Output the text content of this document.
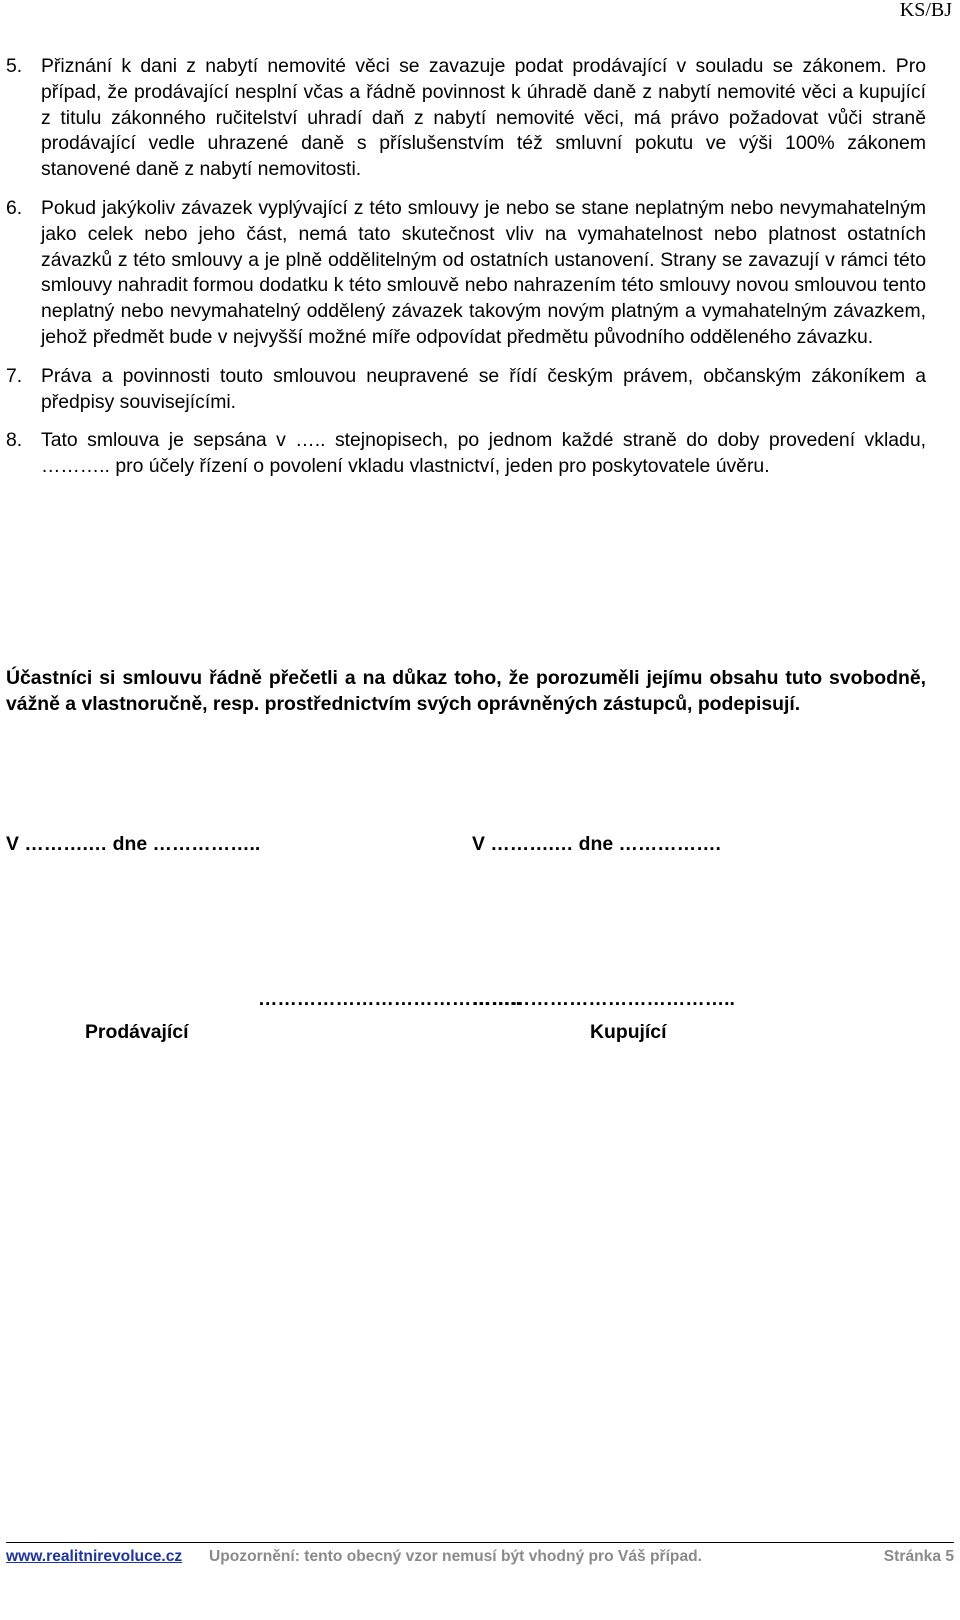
KS/BJ
5. Přiznání k dani z nabytí nemovité věci se zavazuje podat prodávající v souladu se zákonem. Pro případ, že prodávající nesplní včas a řádně povinnost k úhradě daně z nabytí nemovité věci a kupující z titulu zákonného ručitelství uhradí daň z nabytí nemovité věci, má právo požadovat vůči straně prodávající vedle uhrazené daně s příslušenstvím též smluvní pokutu ve výši 100% zákonem stanovené daně z nabytí nemovitosti.
6. Pokud jakýkoliv závazek vyplývající z této smlouvy je nebo se stane neplatným nebo nevymahatelným jako celek nebo jeho část, nemá tato skutečnost vliv na vymahatelnost nebo platnost ostatních závazků z této smlouvy a je plně oddělitelným od ostatních ustanovení. Strany se zavazují v rámci této smlouvy nahradit formou dodatku k této smlouvě nebo nahrazením této smlouvy novou smlouvou tento neplatný nebo nevymahatelný oddělený závazek takovým novým platným a vymahatelným závazkem, jehož předmět bude v nejvyšší možné míře odpovídat předmětu původního odděleného závazku.
7. Práva a povinnosti touto smlouvou neupravené se řídí českým právem, občanským zákoníkem a předpisy souvisejícími.
8. Tato smlouva je sepsána v ….. stejnopisech, po jednom každé straně do doby provedení vkladu, ……….. pro účely řízení o povolení vkladu vlastnictví, jeden pro poskytovatele úvěru.
Účastníci si smlouvu řádně přečetli a na důkaz toho, že porozuměli jejímu obsahu tuto svobodně, vážně a vlastnoručně, resp. prostřednictvím svých oprávněných zástupců, podepisují.
V ……….… dne ……………..	V ……….… dne …………….
…………………………………..
…………………………………..
Prodávající	Kupující
www.realitnirevoluce.cz Upozornění: tento obecný vzor nemusí být vhodný pro Váš případ.	Stránka 5
